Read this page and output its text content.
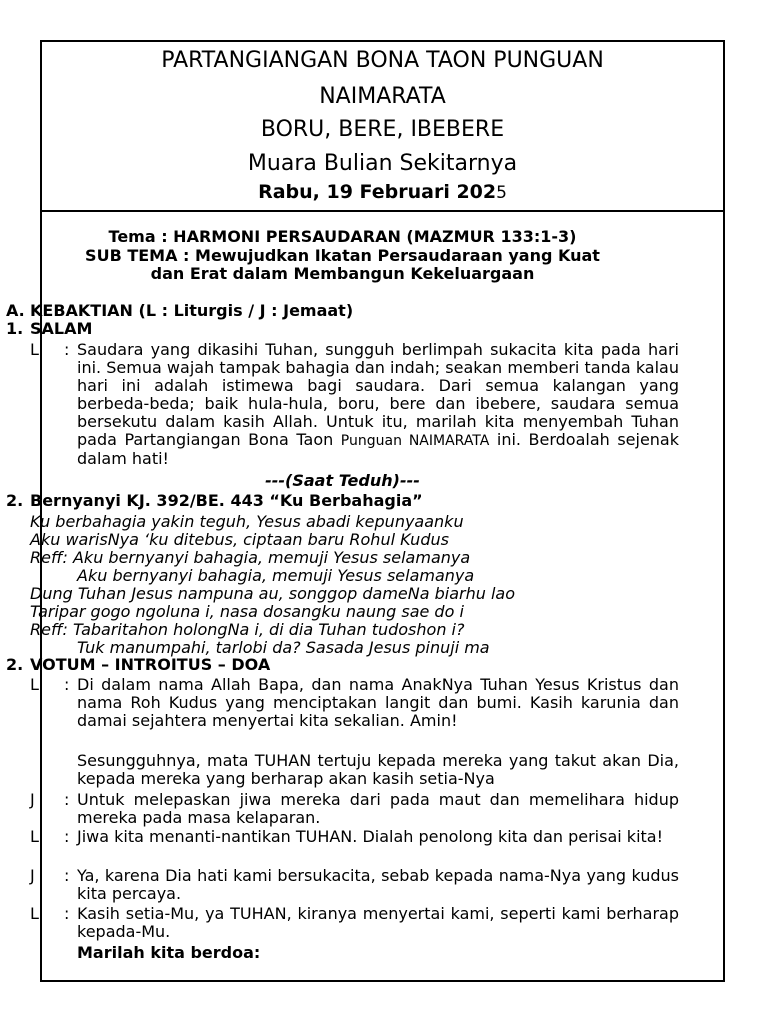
PARTANGIANGAN BONA TAON PUNGUAN
NAIMARATA
BORU, BERE, IBEBERE
Muara Bulian Sekitarnya
Rabu, 19 Februari 2025
Tema : HARMONI PERSAUDARAN (MAZMUR 133:1-3)
SUB TEMA : Mewujudkan Ikatan Persaudaraan yang Kuat
dan Erat dalam Membangun Kekeluargaan
A. KEBAKTIAN (L : Liturgis / J : Jemaat)
1. SALAM
L : Saudara yang dikasihi Tuhan, sungguh berlimpah sukacita kita pada hari ini. Semua wajah tampak bahagia dan indah; seakan memberi tanda kalau hari ini adalah istimewa bagi saudara. Dari semua kalangan yang berbeda-beda; baik hula-hula, boru, bere dan ibebere, saudara semua bersekutu dalam kasih Allah. Untuk itu, marilah kita menyembah Tuhan pada Partangiangan Bona Taon Punguan NAIMARATA ini. Berdoalah sejenak dalam hati!
---(Saat Teduh)---
2. Bernyanyi KJ. 392/BE. 443 “Ku Berbahagia”
Ku berbahagia yakin teguh, Yesus abadi kepunyaanku
Aku warisNya ‘ku ditebus, ciptaan baru Rohul Kudus
Reff: Aku bernyanyi bahagia, memuji Yesus selamanya
Aku bernyanyi bahagia, memuji Yesus selamanya
Dung Tuhan Jesus nampuna au, songgop dameNa biarhu lao
Taripar gogo ngoluna i, nasa dosangku naung sae do i
Reff: Tabaritahon holongNa i, di dia Tuhan tudoshon i?
Tuk manumpahi, tarlobi da? Sasada Jesus pinuji ma
2. VOTUM – INTROITUS – DOA
L : Di dalam nama Allah Bapa, dan nama AnakNya Tuhan Yesus Kristus dan nama Roh Kudus yang menciptakan langit dan bumi. Kasih karunia dan damai sejahtera menyertai kita sekalian. Amin!
Sesungguhnya, mata TUHAN tertuju kepada mereka yang takut akan Dia, kepada mereka yang berharap akan kasih setia-Nya
J : Untuk melepaskan jiwa mereka dari pada maut dan memelihara hidup mereka pada masa kelaparan.
L : Jiwa kita menanti-nantikan TUHAN. Dialah penolong kita dan perisai kita!
J : Ya, karena Dia hati kami bersukacita, sebab kepada nama-Nya yang kudus kita percaya.
L : Kasih setia-Mu, ya TUHAN, kiranya menyertai kami, seperti kami berharap kepada-Mu.
Marilah kita berdoa:
